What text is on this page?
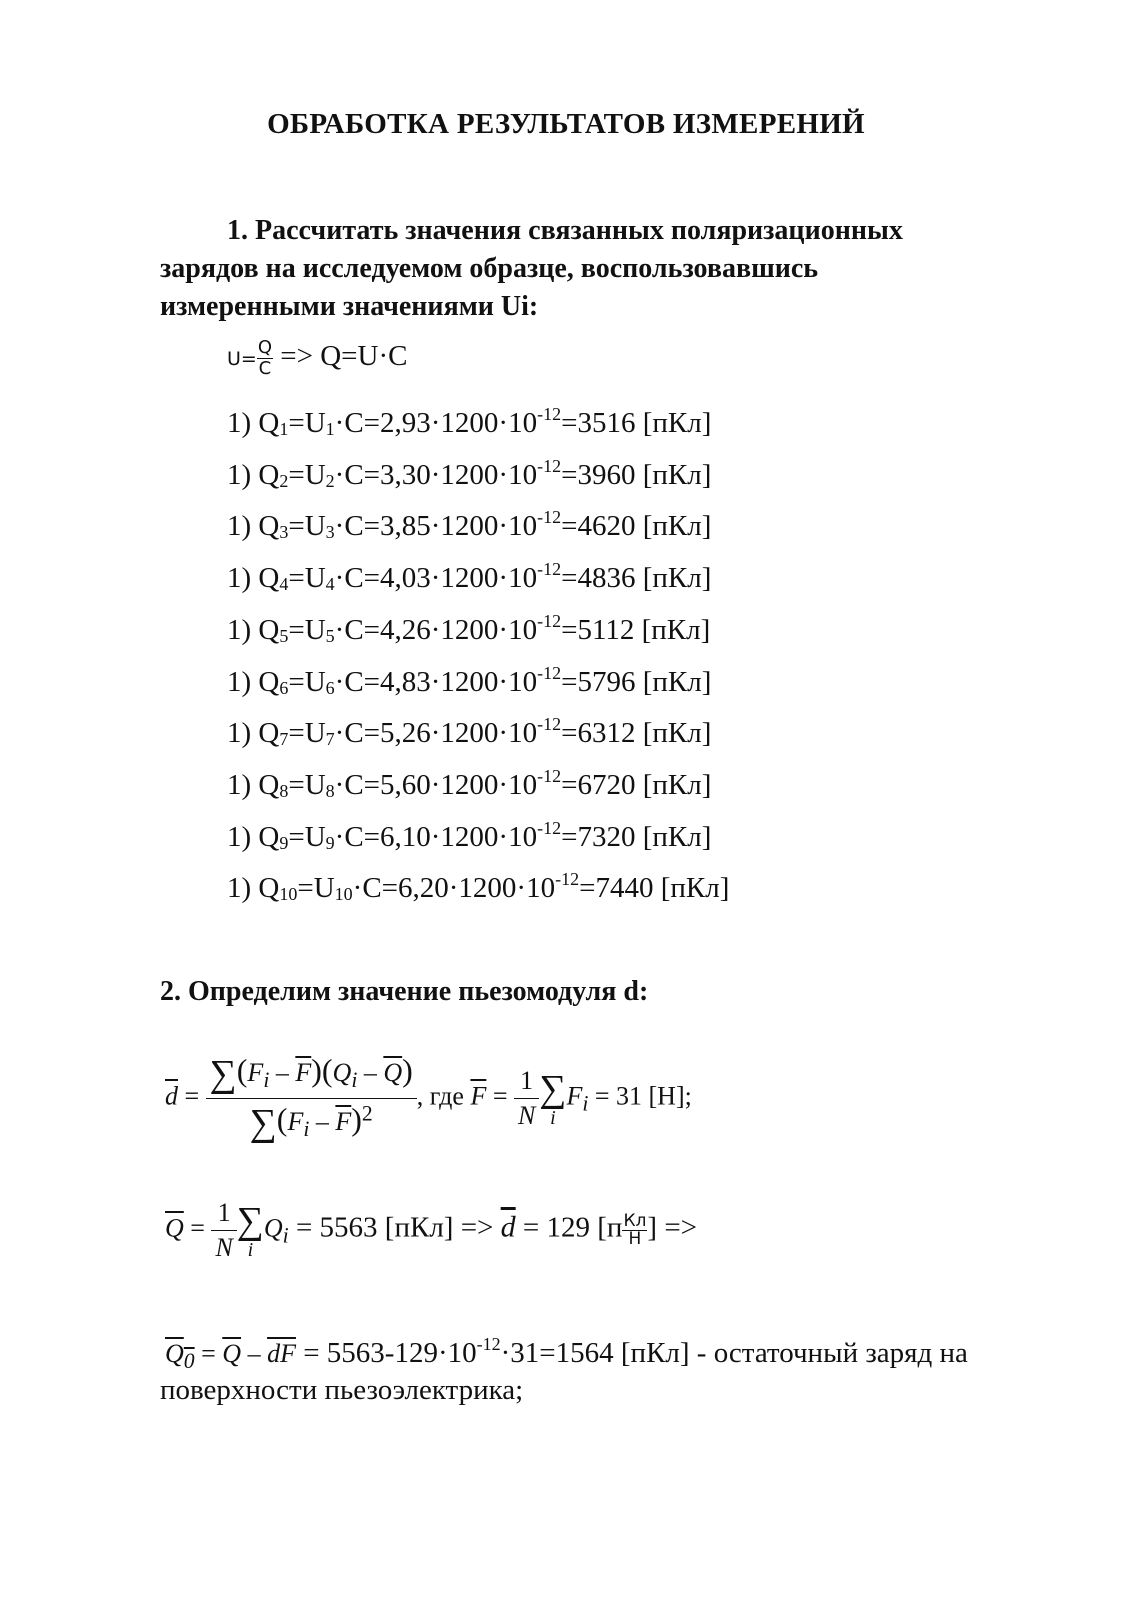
ОБРАБОТКА РЕЗУЛЬТАТОВ ИЗМЕРЕНИЙ
1. Рассчитать значения связанных поляризационных
зарядов на исследуемом образце, воспользовавшись
измеренными значениями Ui:
$U= \frac{Q}{C} => Q=U\cdot C$
1) $Q_1=U_1\cdot C=2,93\cdot 1200\cdot 10^{-12}=3516$ [пКл]
1) $Q_2=U_2\cdot C=3,30\cdot 1200\cdot 10^{-12}=3960$ [пКл]
1) $Q_3=U_3\cdot C=3,85\cdot 1200\cdot 10^{-12}=4620$ [пКл]
1) $Q_4=U_4\cdot C=4,03\cdot 1200\cdot 10^{-12}=4836$ [пКл]
1) $Q_5=U_5\cdot C=4,26\cdot 1200\cdot 10^{-12}=5112$ [пКл]
1) $Q_6=U_6\cdot C=4,83\cdot 1200\cdot 10^{-12}=5796$ [пКл]
1) $Q_7=U_7\cdot C=5,26\cdot 1200\cdot 10^{-12}=6312$ [пКл]
1) $Q_8=U_8\cdot C=5,60\cdot 1200\cdot 10^{-12}=6720$ [пКл]
1) $Q_9=U_9\cdot C=6,10\cdot 1200\cdot 10^{-12}=7320$ [пКл]
1) $Q_{10}=U_{10}\cdot C=6,20\cdot 1200\cdot 10^{-12}=7440$ [пКл]
2. Определим значение пьезомодуля d:
$\overline{d} = \frac{\sum(F_i - \overline{F})(Q_i - \overline{Q})}{\sum(F_i - \overline{F})^2}$ , где $\overline{F} = \frac{1}{N}$ ∑
i
$F_i = 31$ [Н];
$\overline{Q} = \frac{1}{N}$ ∑
i
$Q_i = 5563$ $[пКл] => \overline{d} = 129$ [$п \frac{Кл}{Н}$ ] =>
$Q_0 = \overline{Q} - \overline{dF} = 5563-129\cdot 10^{-12}\cdot 31=1564$ [пКл] - остаточный заряд на
поверхности пьезоэлектрика;
